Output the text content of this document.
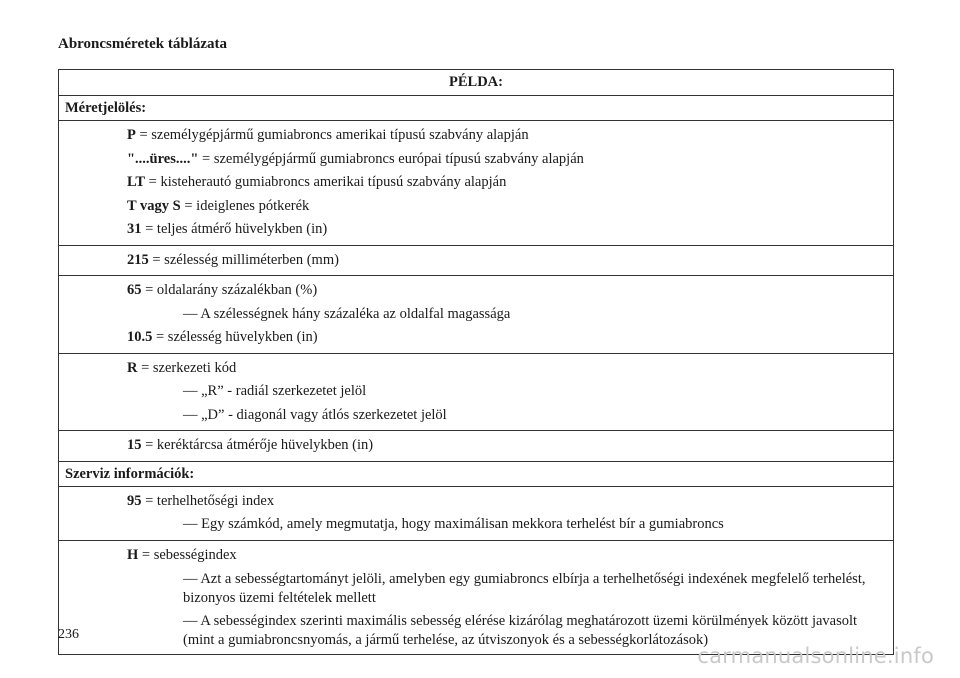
Abroncsméretek táblázata
PÉLDA:
Méretjelölés:
P = személygépjármű gumiabroncs amerikai típusú szabvány alapján
"....üres...." = személygépjármű gumiabroncs európai típusú szabvány alapján
LT = kisteherautó gumiabroncs amerikai típusú szabvány alapján
T vagy S = ideiglenes pótkerék
31 = teljes átmérő hüvelykben (in)
215 = szélesség milliméterben (mm)
65 = oldalarány százalékban (%)
— A szélességnek hány százaléka az oldalfal magassága
10.5 = szélesség hüvelykben (in)
R = szerkezeti kód
— „R” - radiál szerkezetet jelöl
— „D” - diagonál vagy átlós szerkezetet jelöl
15 = keréktárcsa átmérője hüvelykben (in)
Szerviz információk:
95 = terhelhetőségi index
— Egy számkód, amely megmutatja, hogy maximálisan mekkora terhelést bír a gumiabroncs
H = sebességindex
— Azt a sebességtartományt jelöli, amelyben egy gumiabroncs elbírja a terhelhetőségi indexének megfelelő terhelést, bizonyos üzemi feltételek mellett
— A sebességindex szerinti maximális sebesség elérése kizárólag meghatározott üzemi körülmények között javasolt (mint a gumiabroncsnyomás, a jármű terhelése, az útviszonyok és a sebességkorlátozások)

236

carmanualsonline.info
